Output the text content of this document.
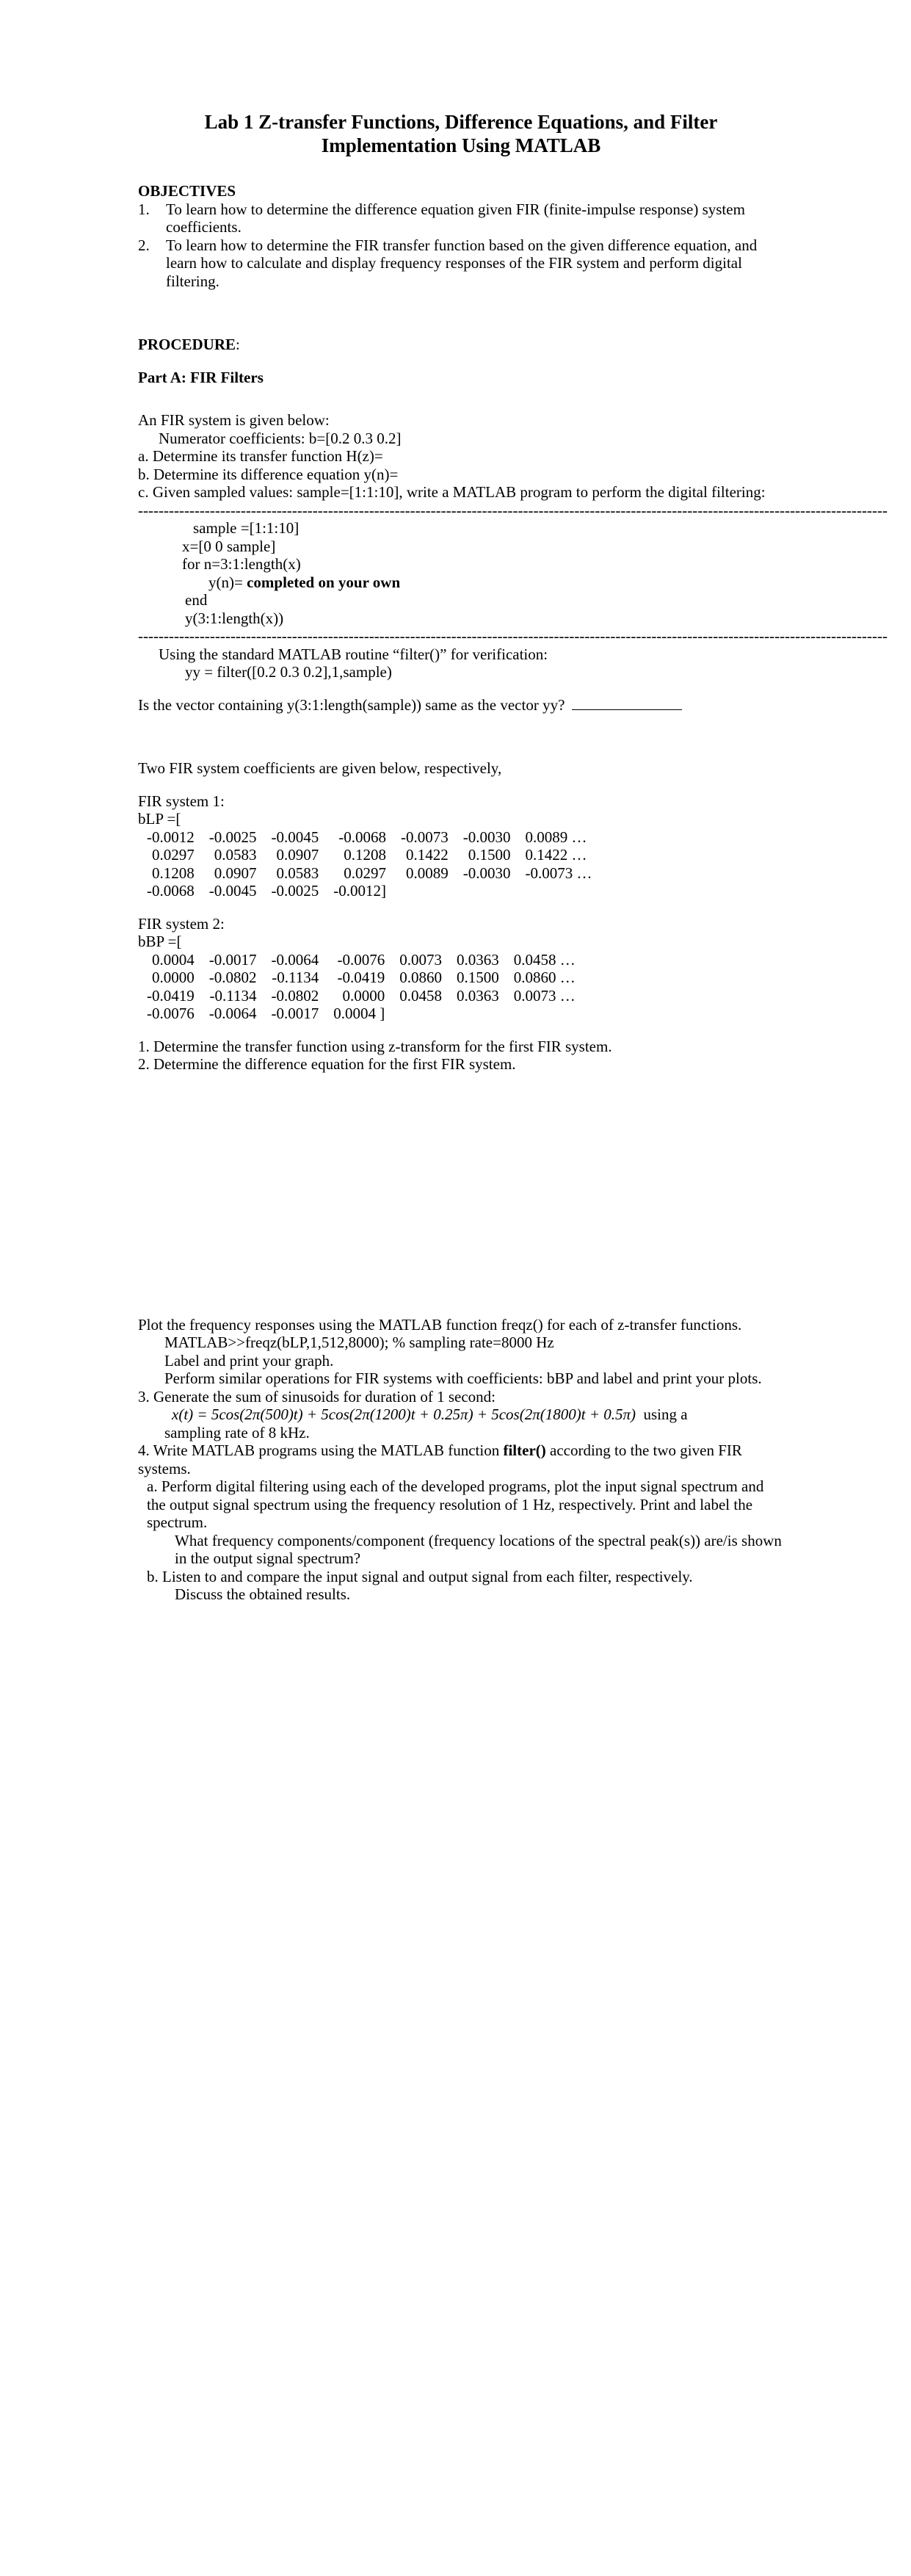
Lab 1 Z-transfer Functions, Difference Equations, and Filter Implementation Using MATLAB
OBJECTIVES
1.	To learn how to determine the difference equation given FIR (finite-impulse response) system coefficients.
2.	To learn how to determine the FIR transfer function based on the given difference equation, and learn how to calculate and display frequency responses of the FIR system and perform digital filtering.
PROCEDURE:
Part A: FIR Filters
An FIR system is given below:
Numerator coefficients: b=[0.2 0.3 0.2]
a. Determine its transfer function H(z)=
b. Determine its difference equation y(n)=
c. Given sampled values: sample=[1:1:10], write a MATLAB program to perform the digital filtering:
--------------------------------------------------------------------------------------------------------------------------------------------------
sample =[1:1:10]
x=[0 0 sample]
for n=3:1:length(x)
y(n)= completed on your own
end
y(3:1:length(x))
--------------------------------------------------------------------------------------------------------------------------------------------------
Using the standard MATLAB routine “filter()” for verification:
yy = filter([0.2 0.3 0.2],1,sample)
Is the vector containing y(3:1:length(sample)) same as the vector yy?
Two FIR system coefficients are given below, respectively,
FIR system 1:
bLP =[
-0.0012	-0.0025	-0.0045	-0.0068	-0.0073	-0.0030	0.0089 …
0.0297	0.0583	0.0907	0.1208	0.1422	0.1500	0.1422 …
0.1208	0.0907	0.0583	0.0297	0.0089	-0.0030	-0.0073 …
-0.0068	-0.0045	-0.0025	-0.0012]			
FIR system 2:
bBP =[
0.0004	-0.0017	-0.0064	-0.0076	0.0073	0.0363	0.0458 …
0.0000	-0.0802	-0.1134	-0.0419	0.0860	0.1500	0.0860 …
-0.0419	-0.1134	-0.0802	0.0000	0.0458	0.0363	0.0073 …
-0.0076	-0.0064	-0.0017	0.0004 ]			
1. Determine the transfer function using z-transform for the first FIR system.
2. Determine the difference equation for the first FIR system.
Plot the frequency responses using the MATLAB function freqz() for each of z-transfer functions.
MATLAB>>freqz(bLP,1,512,8000); % sampling rate=8000 Hz
Label and print your graph.
Perform similar operations for FIR systems with coefficients: bBP and label and print your plots.
3. Generate the sum of sinusoids for duration of 1 second:
x(t) = 5cos(2π(500)t) + 5cos(2π(1200)t + 0.25π) + 5cos(2π(1800)t + 0.5π) using a
sampling rate of 8 kHz.
4. Write MATLAB programs using the MATLAB function filter() according to the two given FIR systems.
a. Perform digital filtering using each of the developed programs, plot the input signal spectrum and the output signal spectrum using the frequency resolution of 1 Hz, respectively. Print and label the spectrum.
What frequency components/component (frequency locations of the spectral peak(s)) are/is shown in the output signal spectrum?
b. Listen to and compare the input signal and output signal from each filter, respectively.
Discuss the obtained results.
